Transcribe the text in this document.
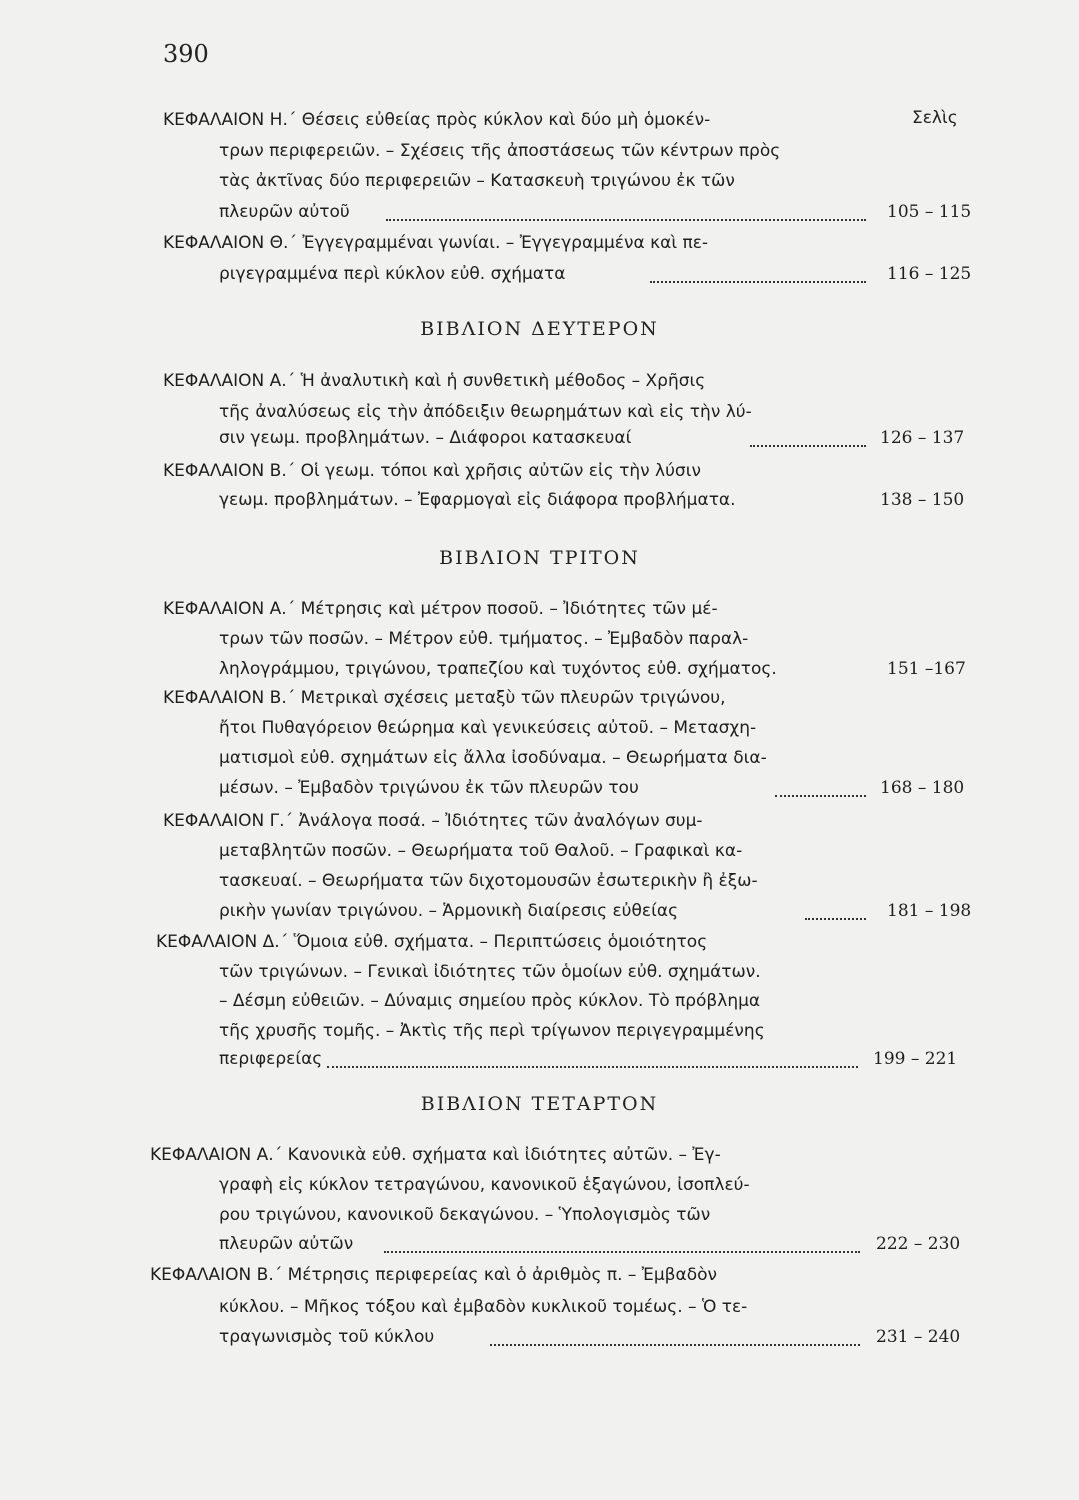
390
Σελὶς
ΚΕΦΑΛΑΙΟΝ Η.΄ Θέσεις εὐθείας πρὸς κύκλον καὶ δύο μὴ ὁμοκέν-
τρων περιφερειῶν. – Σχέσεις τῆς ἀποστάσεως τῶν κέντρων πρὸς
τὰς ἀκτῖνας δύο περιφερειῶν – Κατασκευὴ τριγώνου ἐκ τῶν
πλευρῶν αὐτοῦ	105 – 115
ΚΕΦΑΛΑΙΟΝ Θ.΄ Ἐγγεγραμμέναι γωνίαι. – Ἐγγεγραμμένα καὶ πε-
ριγεγραμμένα περὶ κύκλον εὐθ. σχήματα	116 – 125
ΒΙΒΛΙΟΝ ΔΕΥΤΕΡΟΝ
ΚΕΦΑΛΑΙΟΝ Α.΄ Ἡ ἀναλυτικὴ καὶ ἡ συνθετικὴ μέθοδος – Χρῆσις
τῆς ἀναλύσεως εἰς τὴν ἀπόδειξιν θεωρημάτων καὶ εἰς τὴν λύ-
σιν γεωμ. προβλημάτων. – Διάφοροι κατασκευαί	126 – 137
ΚΕΦΑΛΑΙΟΝ Β.΄ Οἱ γεωμ. τόποι καὶ χρῆσις αὐτῶν εἰς τὴν λύσιν
γεωμ. προβλημάτων. – Ἐφαρμογαὶ εἰς διάφορα προβλήματα.	138 – 150
ΒΙΒΛΙΟΝ ΤΡΙΤΟΝ
ΚΕΦΑΛΑΙΟΝ Α.΄ Μέτρησις καὶ μέτρον ποσοῦ. – Ἰδιότητες τῶν μέ-
τρων τῶν ποσῶν. – Μέτρον εὐθ. τμήματος. – Ἐμβαδὸν παραλ-
ληλογράμμου, τριγώνου, τραπεζίου καὶ τυχόντος εὐθ. σχήματος.	151 –167
ΚΕΦΑΛΑΙΟΝ Β.΄ Μετρικαὶ σχέσεις μεταξὺ τῶν πλευρῶν τριγώνου,
ἤτοι Πυθαγόρειον θεώρημα καὶ γενικεύσεις αὐτοῦ. – Μετασχη-
ματισμοὶ εὐθ. σχημάτων εἰς ἄλλα ἰσοδύναμα. – Θεωρήματα δια-
μέσων. – Ἐμβαδὸν τριγώνου ἐκ τῶν πλευρῶν του	168 – 180
ΚΕΦΑΛΑΙΟΝ Γ.΄ Ἀνάλογα ποσά. – Ἰδιότητες τῶν ἀναλόγων συμ-
μεταβλητῶν ποσῶν. – Θεωρήματα τοῦ Θαλοῦ. – Γραφικαὶ κα-
τασκευαί. – Θεωρήματα τῶν διχοτομουσῶν ἐσωτερικὴν ἢ ἐξω-
ρικὴν γωνίαν τριγώνου. – Ἁρμονικὴ διαίρεσις εὐθείας	181 – 198
ΚΕΦΑΛΑΙΟΝ Δ.΄ Ὅμοια εὐθ. σχήματα. – Περιπτώσεις ὁμοιότητος
τῶν τριγώνων. – Γενικαὶ ἰδιότητες τῶν ὁμοίων εὐθ. σχημάτων.
– Δέσμη εὐθειῶν. – Δύναμις σημείου πρὸς κύκλον. Τὸ πρόβλημα
τῆς χρυσῆς τομῆς. – Ἀκτὶς τῆς περὶ τρίγωνον περιγεγραμμένης
περιφερείας	199 – 221
ΒΙΒΛΙΟΝ ΤΕΤΑΡΤΟΝ
ΚΕΦΑΛΑΙΟΝ Α.΄ Κανονικὰ εὐθ. σχήματα καὶ ἰδιότητες αὐτῶν. – Ἐγ-
γραφὴ εἰς κύκλον τετραγώνου, κανονικοῦ ἑξαγώνου, ἰσοπλεύ-
ρου τριγώνου, κανονικοῦ δεκαγώνου. – Ὑπολογισμὸς τῶν
πλευρῶν αὐτῶν	222 – 230
ΚΕΦΑΛΑΙΟΝ Β.΄ Μέτρησις περιφερείας καὶ ὁ ἀριθμὸς π. – Ἐμβαδὸν
κύκλου. – Μῆκος τόξου καὶ ἐμβαδὸν κυκλικοῦ τομέως. – Ὁ τε-
τραγωνισμὸς τοῦ κύκλου	231 – 240
